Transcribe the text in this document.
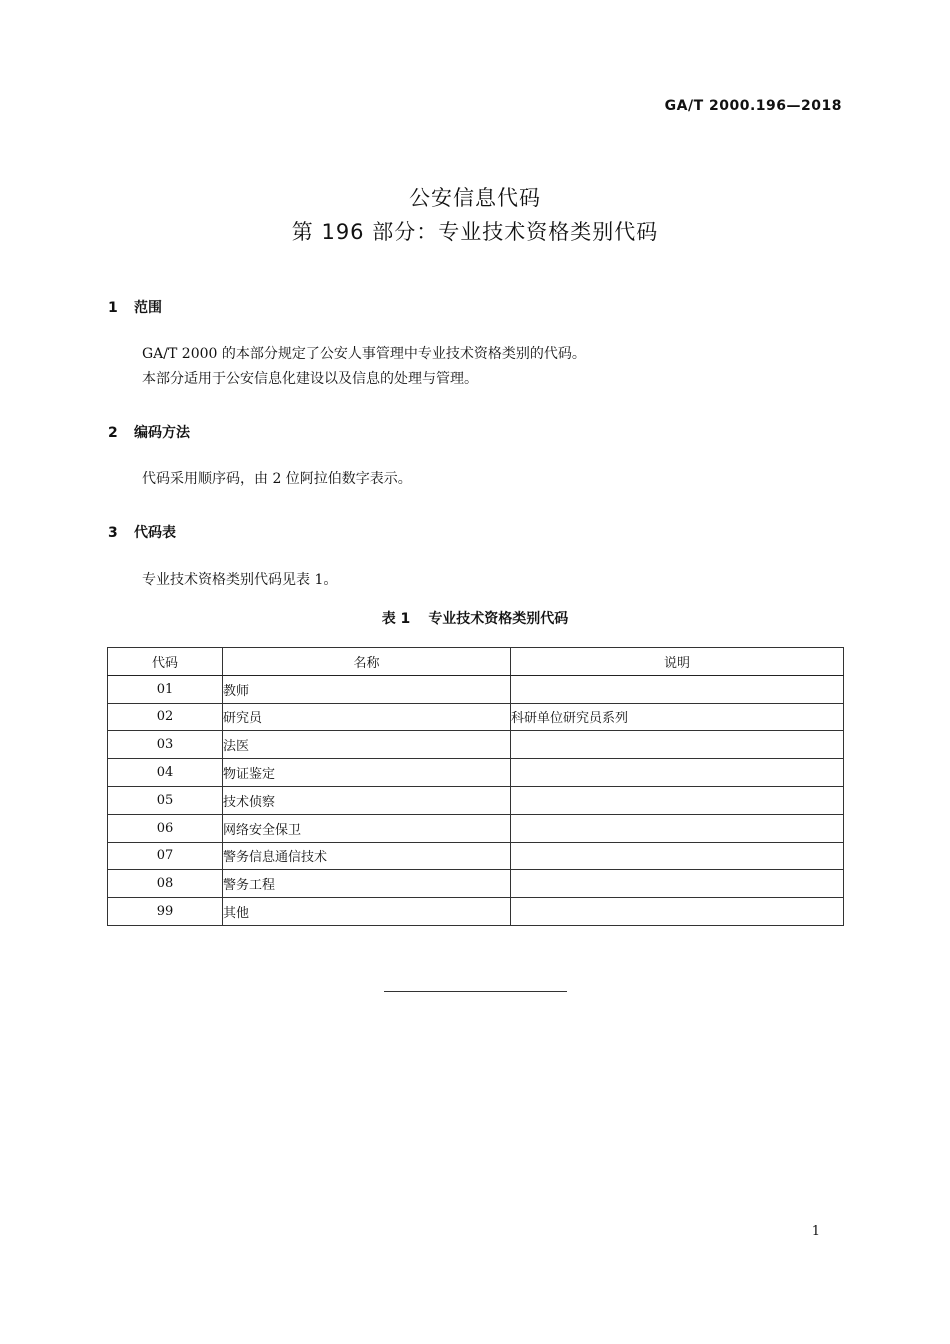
GA/T 2000.196—2018
公安信息代码
第 196 部分：专业技术资格类别代码
1 范围
GA/T 2000 的本部分规定了公安人事管理中专业技术资格类别的代码。
本部分适用于公安信息化建设以及信息的处理与管理。
2 编码方法
代码采用顺序码，由 2 位阿拉伯数字表示。
3 代码表
专业技术资格类别代码见表 1。
表 1 专业技术资格类别代码
代码	名称	说明
01	教师	
02	研究员	科研单位研究员系列
03	法医	
04	物证鉴定	
05	技术侦察	
06	网络安全保卫	
07	警务信息通信技术	
08	警务工程	
99	其他	
1
